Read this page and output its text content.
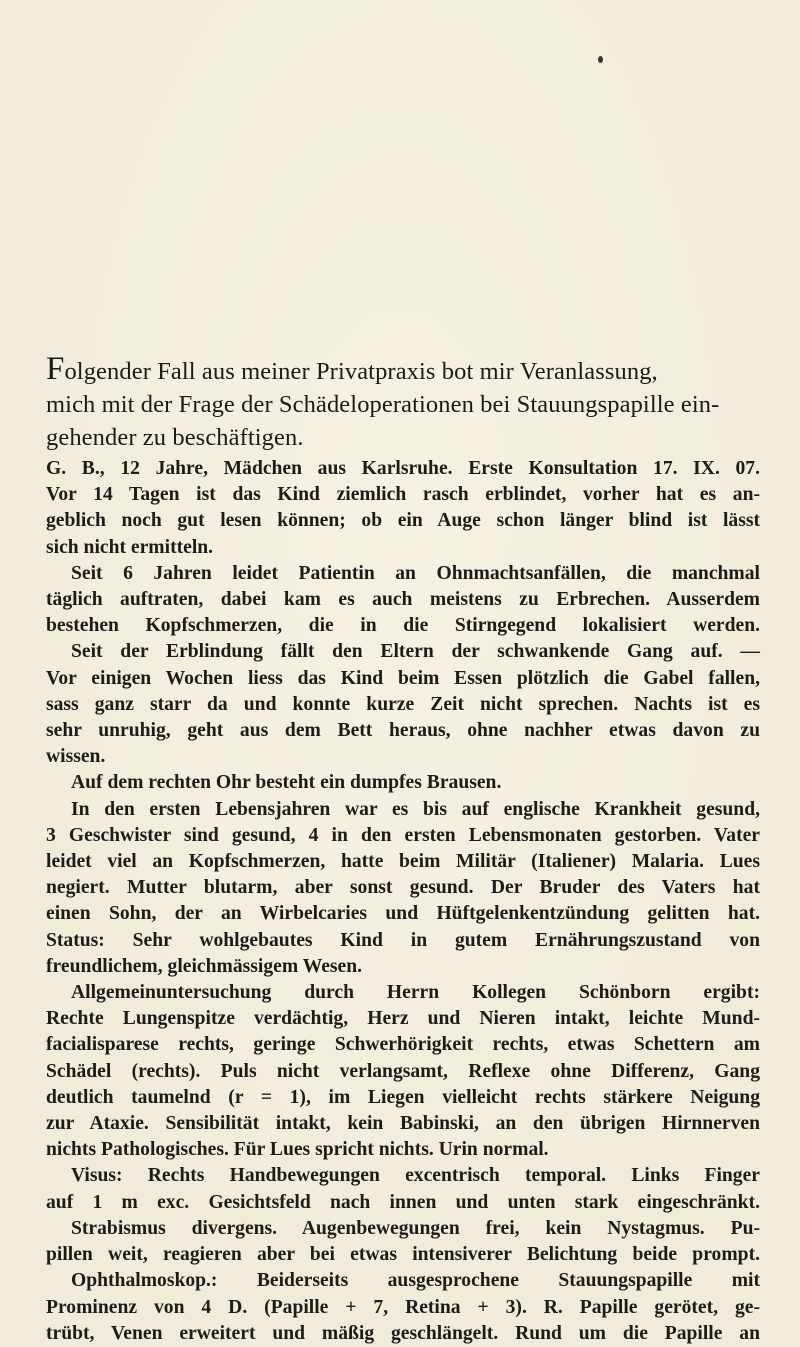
Folgender Fall aus meiner Privatpraxis bot mir Veranlassung,
mich mit der Frage der Schädeloperationen bei Stauungspapille ein-
gehender zu beschäftigen.

G. B., 12 Jahre, Mädchen aus Karlsruhe. Erste Konsultation 17. IX. 07.
Vor 14 Tagen ist das Kind ziemlich rasch erblindet, vorher hat es an-
geblich noch gut lesen können; ob ein Auge schon länger blind ist lässt
sich nicht ermitteln.
Seit 6 Jahren leidet Patientin an Ohnmachtsanfällen, die manchmal
täglich auftraten, dabei kam es auch meistens zu Erbrechen. Ausserdem
bestehen Kopfschmerzen, die in die Stirngegend lokalisiert werden.
Seit der Erblindung fällt den Eltern der schwankende Gang auf. —
Vor einigen Wochen liess das Kind beim Essen plötzlich die Gabel fallen,
sass ganz starr da und konnte kurze Zeit nicht sprechen. Nachts ist es
sehr unruhig, geht aus dem Bett heraus, ohne nachher etwas davon zu
wissen.
Auf dem rechten Ohr besteht ein dumpfes Brausen.
In den ersten Lebensjahren war es bis auf englische Krankheit gesund,
3 Geschwister sind gesund, 4 in den ersten Lebensmonaten gestorben. Vater
leidet viel an Kopfschmerzen, hatte beim Militär (Italiener) Malaria. Lues
negiert. Mutter blutarm, aber sonst gesund. Der Bruder des Vaters hat
einen Sohn, der an Wirbelcaries und Hüftgelenkentzündung gelitten hat.
Status: Sehr wohlgebautes Kind in gutem Ernährungszustand von
freundlichem, gleichmässigem Wesen.
Allgemeinuntersuchung durch Herrn Kollegen Schönborn ergibt:
Rechte Lungenspitze verdächtig, Herz und Nieren intakt, leichte Mund-
facialisparese rechts, geringe Schwerhörigkeit rechts, etwas Schettern am
Schädel (rechts). Puls nicht verlangsamt, Reflexe ohne Differenz, Gang
deutlich taumelnd (r = 1), im Liegen vielleicht rechts stärkere Neigung
zur Ataxie. Sensibilität intakt, kein Babinski, an den übrigen Hirnnerven
nichts Pathologisches. Für Lues spricht nichts. Urin normal.
Visus: Rechts Handbewegungen excentrisch temporal. Links Finger
auf 1 m exc. Gesichtsfeld nach innen und unten stark eingeschränkt.
Strabismus divergens. Augenbewegungen frei, kein Nystagmus. Pu-
pillen weit, reagieren aber bei etwas intensiverer Belichtung beide prompt.
Ophthalmoskop.: Beiderseits ausgesprochene Stauungspapille mit
Prominenz von 4 D. (Papille + 7, Retina + 3). R. Papille gerötet, ge-
trübt, Venen erweitert und mäßig geschlängelt. Rund um die Papille an
